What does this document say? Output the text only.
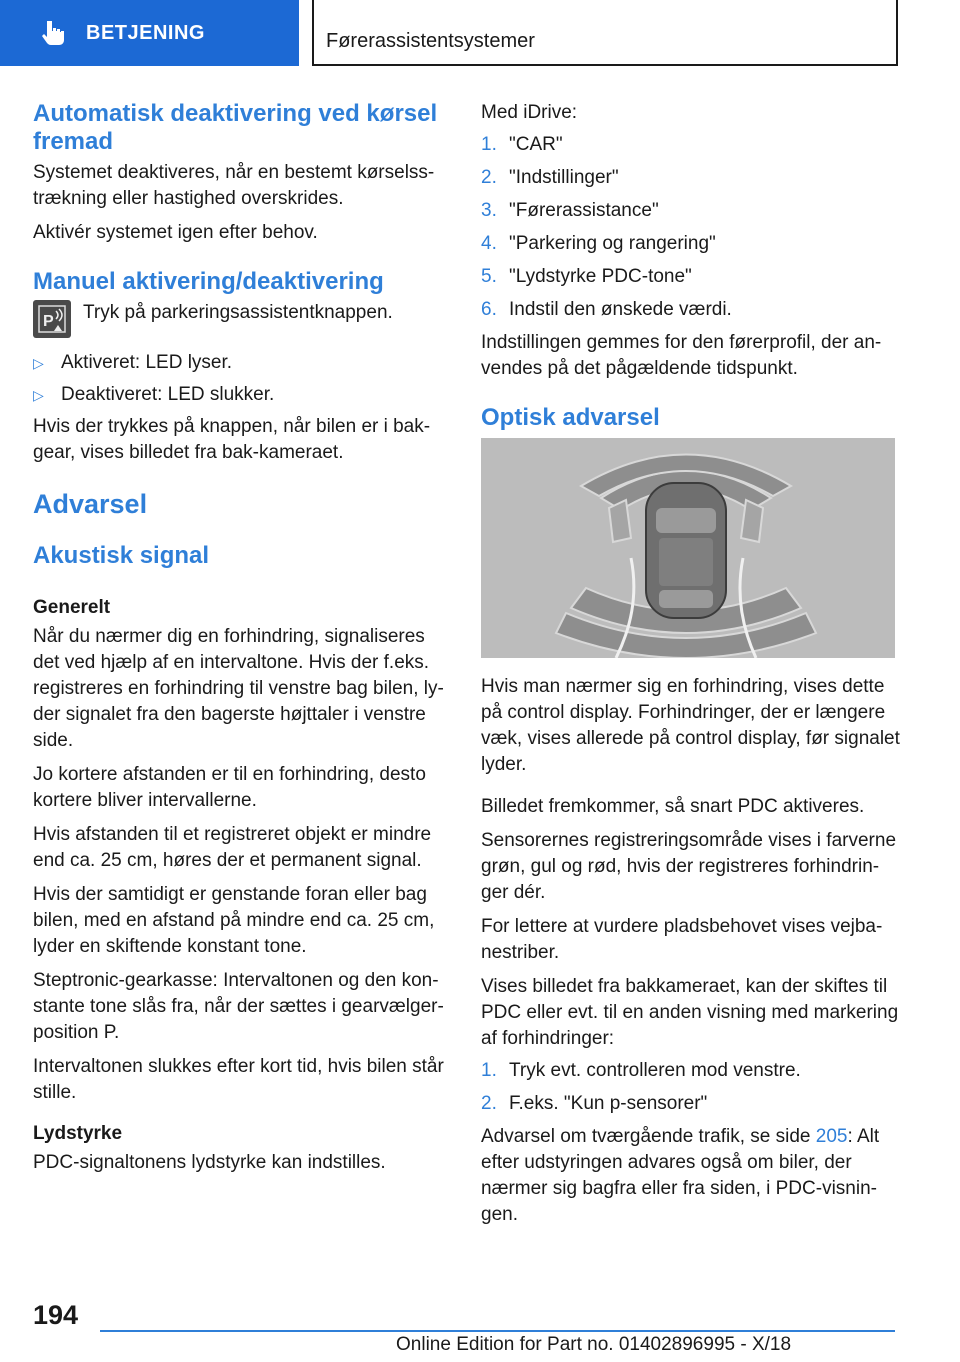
BETJENING	Førerassistentsystemer
Automatisk deaktivering ved kørsel fremad

Systemet deaktiveres, når en bestemt kørselss-trækning eller hastighed overskrides.

Aktivér systemet igen efter behov.

Manuel aktivering/deaktivering
P Tryk på parkeringsassistentknappen.
▷ Aktiveret: LED lyser.
▷ Deaktiveret: LED slukker.

Hvis der trykkes på knappen, når bilen er i bak-gear, vises billedet fra bak-kameraet.

Advarsel
Akustisk signal
Generelt

Når du nærmer dig en forhindring, signaliseres det ved hjælp af en intervaltone. Hvis der f.eks. registreres en forhindring til venstre bag bilen, ly-der signalet fra den bagerste højttaler i venstre side.

Jo kortere afstanden er til en forhindring, desto kortere bliver intervallerne.

Hvis afstanden til et registreret objekt er mindre end ca. 25 cm, høres der et permanent signal.

Hvis der samtidigt er genstande foran eller bag bilen, med en afstand på mindre end ca. 25 cm, lyder en skiftende konstant tone.

Steptronic-gearkasse: Intervaltonen og den kon-stante tone slås fra, når der sættes i gearvælger-position P.

Intervaltonen slukkes efter kort tid, hvis bilen står stille.

Lydstyrke

PDC-signaltonens lydstyrke kan indstilles.

Med iDrive:

1. "CAR"
2. "Indstillinger"
3. "Førerassistance"
4. "Parkering og rangering"
5. "Lydstyrke PDC-tone"
6. Indstil den ønskede værdi.

Indstillingen gemmes for den førerprofil, der an-vendes på det pågældende tidspunkt.

Optisk advarsel

Hvis man nærmer sig en forhindring, vises dette på control display. Forhindringer, der er længere væk, vises allerede på control display, før signalet lyder.

Billedet fremkommer, så snart PDC aktiveres.

Sensorernes registreringsområde vises i farverne grøn, gul og rød, hvis der registreres forhindrin-ger dér.

For lettere at vurdere pladsbehovet vises vejba-nestriber.

Vises billedet fra bakkameraet, kan der skiftes til PDC eller evt. til en anden visning med markering af forhindringer:

1. Tryk evt. controlleren mod venstre.
2. F.eks. "Kun p-sensorer"

Advarsel om tværgående trafik, se side 205: Alt efter udstyringen advares også om biler, der nærmer sig bagfra eller fra siden, i PDC-visnin-gen.

194
Online Edition for Part no. 01402896995 - X/18
